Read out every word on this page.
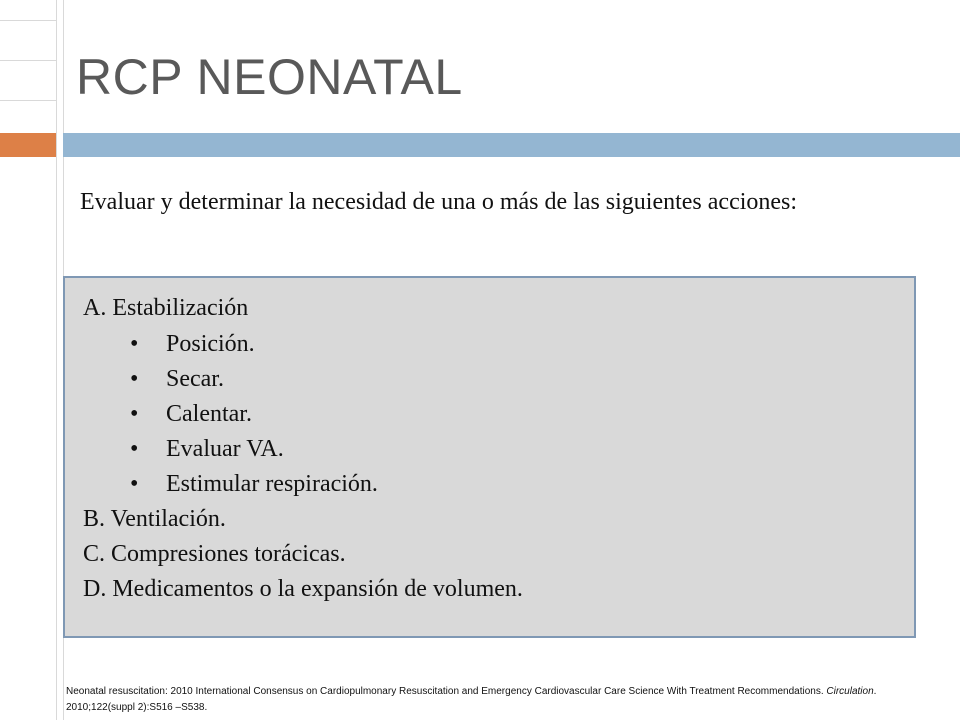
RCP NEONATAL
Evaluar y determinar la necesidad de una o más de las siguientes acciones:
A. Estabilización
• Posición.
• Secar.
• Calentar.
• Evaluar VA.
• Estimular respiración.
B. Ventilación.
C. Compresiones torácicas.
D. Medicamentos o la expansión de volumen.
Neonatal resuscitation: 2010 International Consensus on Cardiopulmonary Resuscitation and Emergency Cardiovascular Care Science With Treatment Recommendations. Circulation. 2010;122(suppl 2):S516 –S538.
